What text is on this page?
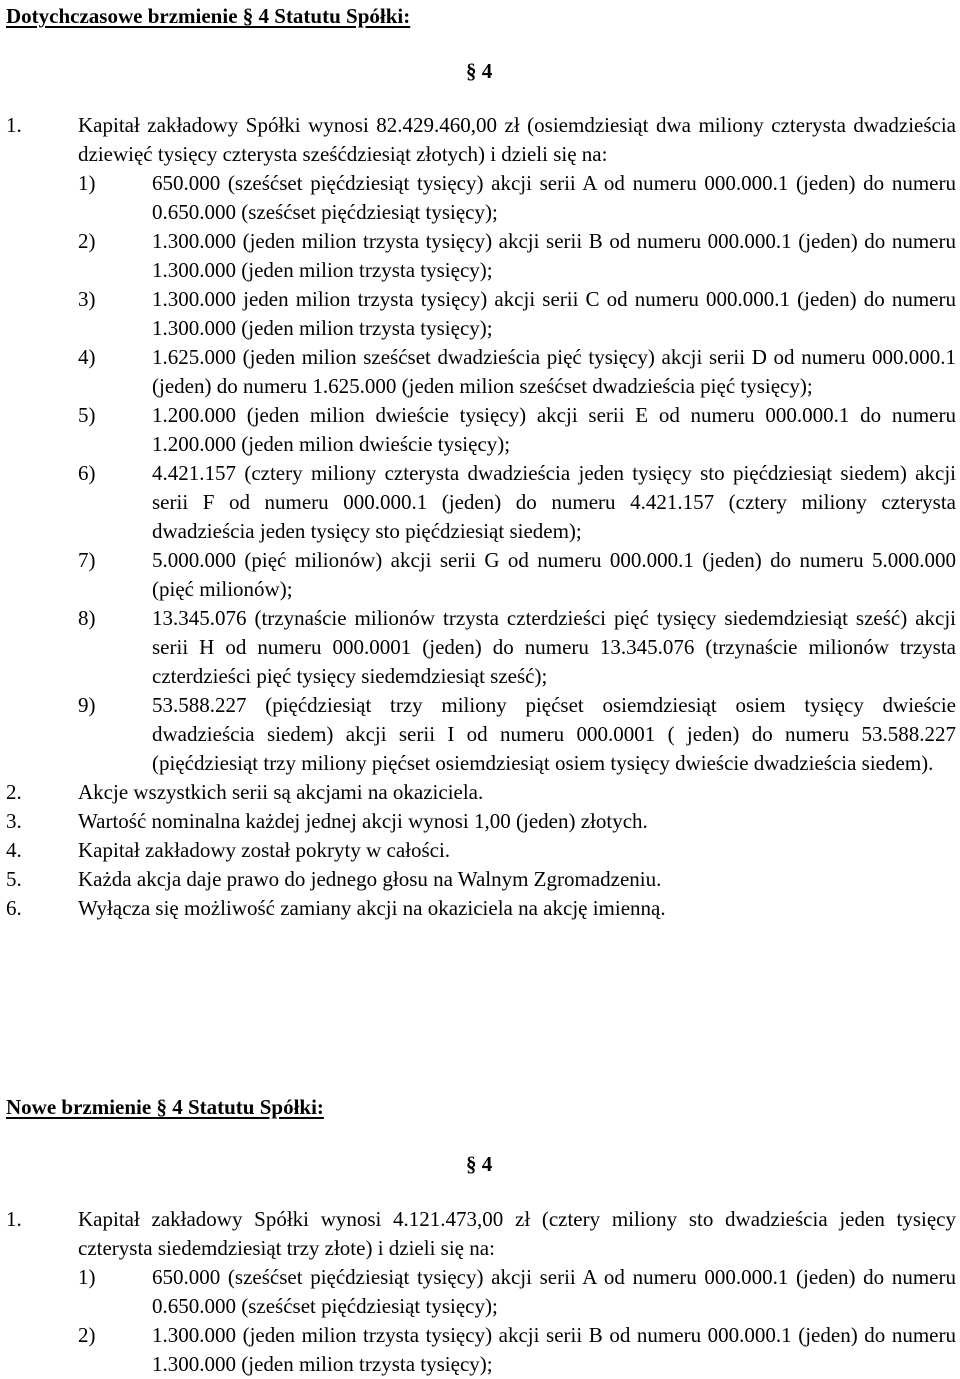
Dotychczasowe brzmienie § 4 Statutu Spółki:
§ 4
1.	Kapitał zakładowy Spółki wynosi 82.429.460,00 zł (osiemdziesiąt dwa miliony czterysta dwadzieścia dziewięć tysięcy czterysta sześćdziesiąt złotych) i dzieli się na:
1)	650.000 (sześćset pięćdziesiąt tysięcy) akcji serii A od numeru 000.000.1 (jeden) do numeru 0.650.000 (sześćset pięćdziesiąt tysięcy);
2)	1.300.000 (jeden milion trzysta tysięcy) akcji serii B od numeru 000.000.1 (jeden) do numeru 1.300.000 (jeden milion trzysta tysięcy);
3)	1.300.000 jeden milion trzysta tysięcy) akcji serii C od numeru 000.000.1 (jeden) do numeru 1.300.000 (jeden milion trzysta tysięcy);
4)	1.625.000 (jeden milion sześćset dwadzieścia pięć tysięcy) akcji serii D od numeru 000.000.1 (jeden) do numeru 1.625.000 (jeden milion sześćset dwadzieścia pięć tysięcy);
5)	1.200.000 (jeden milion dwieście tysięcy) akcji serii E od numeru 000.000.1 do numeru 1.200.000 (jeden milion dwieście tysięcy);
6)	4.421.157 (cztery miliony czterysta dwadzieścia jeden tysięcy sto pięćdziesiąt siedem) akcji serii F od numeru 000.000.1 (jeden) do numeru 4.421.157 (cztery miliony czterysta dwadzieścia jeden tysięcy sto pięćdziesiąt siedem);
7)	5.000.000 (pięć milionów) akcji serii G od numeru 000.000.1 (jeden) do numeru 5.000.000 (pięć milionów);
8)	13.345.076 (trzynaście milionów trzysta czterdzieści pięć tysięcy siedemdziesiąt sześć) akcji serii H od numeru 000.0001 (jeden) do numeru 13.345.076 (trzynaście milionów trzysta czterdzieści pięć tysięcy siedemdziesiąt sześć);
9)	53.588.227 (pięćdziesiąt trzy miliony pięćset osiemdziesiąt osiem tysięcy dwieście dwadzieścia siedem) akcji serii I od numeru 000.0001 ( jeden) do numeru 53.588.227 (pięćdziesiąt trzy miliony pięćset osiemdziesiąt osiem tysięcy dwieście dwadzieścia siedem).
2.	Akcje wszystkich serii są akcjami na okaziciela.
3.	Wartość nominalna każdej jednej akcji wynosi 1,00 (jeden) złotych.
4.	Kapitał zakładowy został pokryty w całości.
5.	Każda akcja daje prawo do jednego głosu na Walnym Zgromadzeniu.
6.	Wyłącza się możliwość zamiany akcji na okaziciela na akcję imienną.
Nowe brzmienie § 4 Statutu Spółki:
§ 4
1.	Kapitał zakładowy Spółki wynosi 4.121.473,00 zł (cztery miliony sto dwadzieścia jeden tysięcy czterysta siedemdziesiąt trzy złote) i dzieli się na:
1)	650.000 (sześćset pięćdziesiąt tysięcy) akcji serii A od numeru 000.000.1 (jeden) do numeru 0.650.000 (sześćset pięćdziesiąt tysięcy);
2)	1.300.000 (jeden milion trzysta tysięcy) akcji serii B od numeru 000.000.1 (jeden) do numeru 1.300.000 (jeden milion trzysta tysięcy);
